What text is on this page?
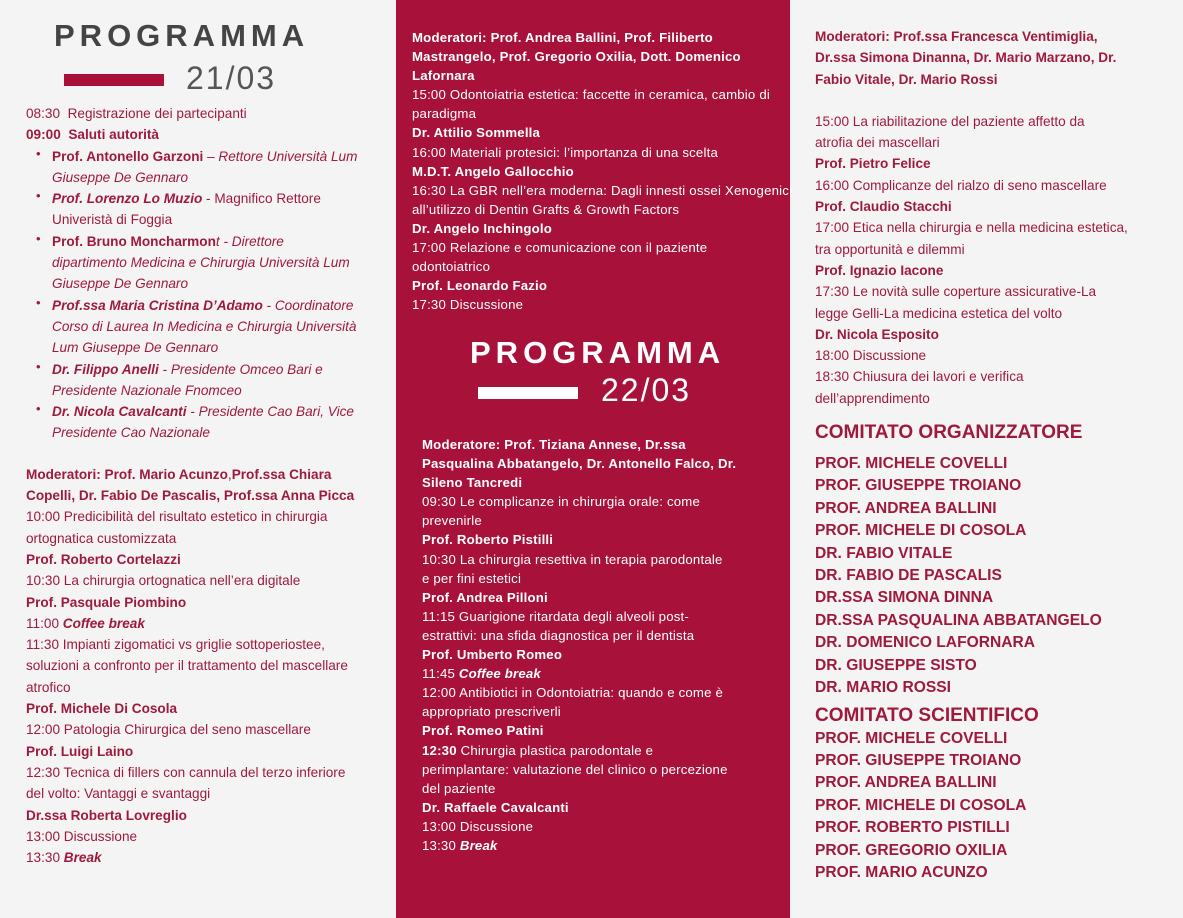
PROGRAMMA
21/03
08:30 Registrazione dei partecipanti
09:00 Saluti autorità
• Prof. Antonello Garzoni – Rettore Università Lum
Giuseppe De Gennaro
• Prof. Lorenzo Lo Muzio - Magnifico Rettore
Univeristà di Foggia
• Prof. Bruno Moncharmont - Direttore
dipartimento Medicina e Chirurgia Università Lum
Giuseppe De Gennaro
• Prof.ssa Maria Cristina D’Adamo - Coordinatore
Corso di Laurea In Medicina e Chirurgia Università
Lum Giuseppe De Gennaro
• Dr. Filippo Anelli - Presidente Omceo Bari e
Presidente Nazionale Fnomceo
• Dr. Nicola Cavalcanti - Presidente Cao Bari, Vice
Presidente Cao Nazionale
Moderatori: Prof. Mario Acunzo,Prof.ssa Chiara
Copelli, Dr. Fabio De Pascalis, Prof.ssa Anna Picca
10:00 Predicibilità del risultato estetico in chirurgia
ortognatica customizzata
Prof. Roberto Cortelazzi
10:30 La chirurgia ortognatica nell’era digitale
Prof. Pasquale Piombino
11:00 Coffee break
11:30 Impianti zigomatici vs griglie sottoperiostee,
soluzioni a confronto per il trattamento del mascellare
atrofico
Prof. Michele Di Cosola
12:00 Patologia Chirurgica del seno mascellare
Prof. Luigi Laino
12:30 Tecnica di fillers con cannula del terzo inferiore
del volto: Vantaggi e svantaggi
Dr.ssa Roberta Lovreglio
13:00 Discussione
13:30 Break
Moderatori: Prof. Andrea Ballini, Prof. Filiberto
Mastrangelo, Prof. Gregorio Oxilia, Dott. Domenico
Lafornara
15:00 Odontoiatria estetica: faccette in ceramica, cambio di
paradigma
Dr. Attilio Sommella
16:00 Materiali protesici: l’importanza di una scelta
M.D.T. Angelo Gallocchio
16:30 La GBR nell’era moderna: Dagli innesti ossei Xenogenici
all’utilizzo di Dentin Grafts & Growth Factors
Dr. Angelo Inchingolo
17:00 Relazione e comunicazione con il paziente
odontoiatrico
Prof. Leonardo Fazio
17:30 Discussione
PROGRAMMA
22/03
Moderatore: Prof. Tiziana Annese, Dr.ssa
Pasqualina Abbatangelo, Dr. Antonello Falco, Dr.
Sileno Tancredi
09:30 Le complicanze in chirurgia orale: come
prevenirle
Prof. Roberto Pistilli
10:30 La chirurgia resettiva in terapia parodontale
e per fini estetici
Prof. Andrea Pilloni
11:15 Guarigione ritardata degli alveoli post-
estrattivi: una sfida diagnostica per il dentista
Prof. Umberto Romeo
11:45 Coffee break
12:00 Antibiotici in Odontoiatria: quando e come è
appropriato prescriverli
Prof. Romeo Patini
12:30 Chirurgia plastica parodontale e
perimplantare: valutazione del clinico o percezione
del paziente
Dr. Raffaele Cavalcanti
13:00 Discussione
13:30 Break
Moderatori: Prof.ssa Francesca Ventimiglia,
Dr.ssa Simona Dinanna, Dr. Mario Marzano, Dr.
Fabio Vitale, Dr. Mario Rossi
15:00 La riabilitazione del paziente affetto da
atrofia dei mascellari
Prof. Pietro Felice
16:00 Complicanze del rialzo di seno mascellare
Prof. Claudio Stacchi
17:00 Etica nella chirurgia e nella medicina estetica,
tra opportunità e dilemmi
Prof. Ignazio Iacone
17:30 Le novità sulle coperture assicurative-La
legge Gelli-La medicina estetica del volto
Dr. Nicola Esposito
18:00 Discussione
18:30 Chiusura dei lavori e verifica
dell’apprendimento
COMITATO ORGANIZZATORE
PROF. MICHELE COVELLI
PROF. GIUSEPPE TROIANO
PROF. ANDREA BALLINI
PROF. MICHELE DI COSOLA
DR. FABIO VITALE
DR. FABIO DE PASCALIS
DR.SSA SIMONA DINNA
DR.SSA PASQUALINA ABBATANGELO
DR. DOMENICO LAFORNARA
DR. GIUSEPPE SISTO
DR. MARIO ROSSI
COMITATO SCIENTIFICO
PROF. MICHELE COVELLI
PROF. GIUSEPPE TROIANO
PROF. ANDREA BALLINI
PROF. MICHELE DI COSOLA
PROF. ROBERTO PISTILLI
PROF. GREGORIO OXILIA
PROF. MARIO ACUNZO
